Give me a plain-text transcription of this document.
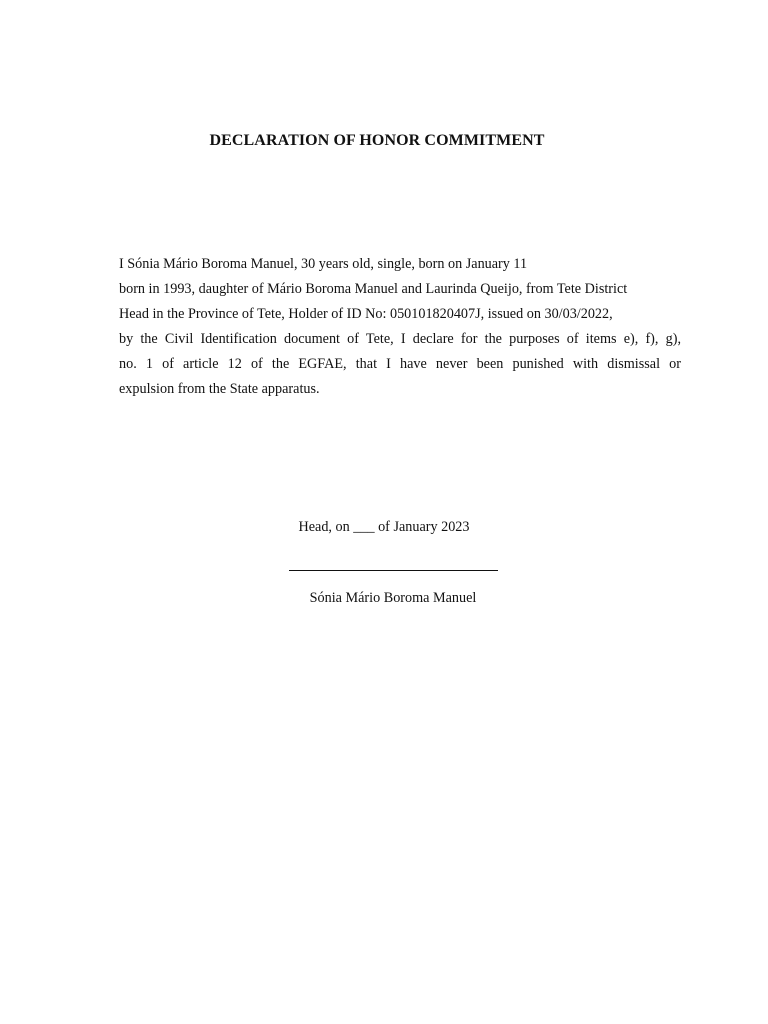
DECLARATION OF HONOR COMMITMENT
I Sónia Mário Boroma Manuel, 30 years old, single, born on January 11
born in 1993, daughter of Mário Boroma Manuel and Laurinda Queijo, from Tete District
Head in the Province of Tete, Holder of ID No: 050101820407J, issued on 30/03/2022,
by the Civil Identification document of Tete, I declare for the purposes of items e), f), g),
no. 1 of article 12 of the EGFAE, that I have never been punished with dismissal or
expulsion from the State apparatus.

Head, on ___ of January 2023

Sónia Mário Boroma Manuel
